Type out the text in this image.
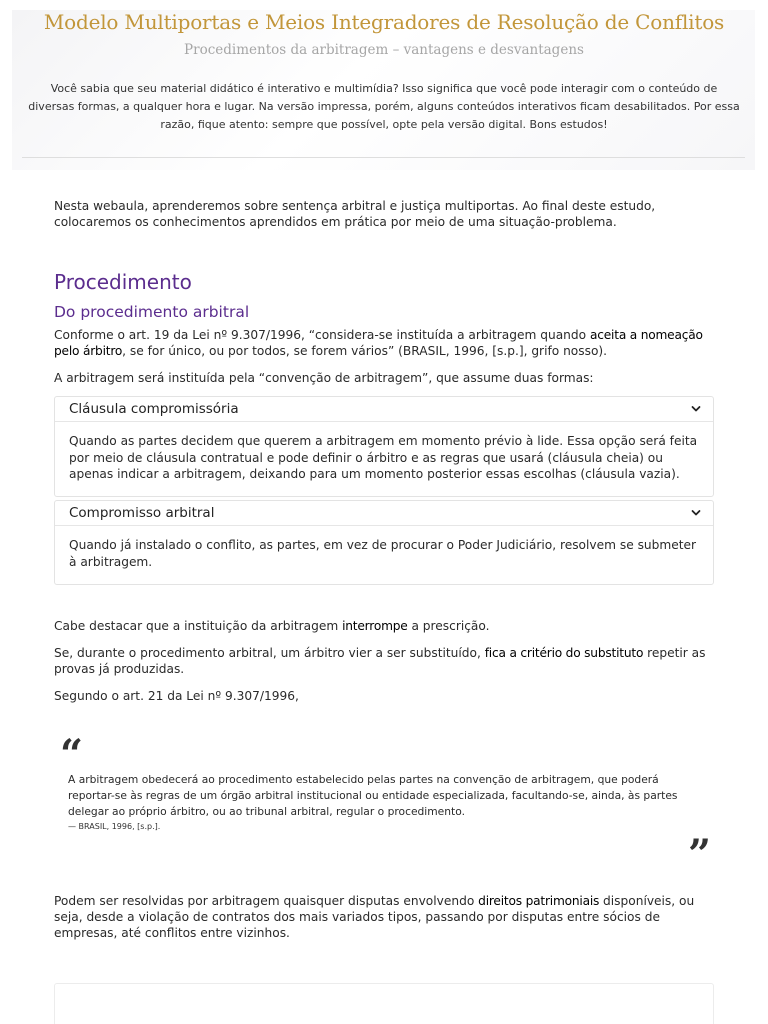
Modelo Multiportas e Meios Integradores de Resolução de Conflitos
Procedimentos da arbitragem – vantagens e desvantagens
Você sabia que seu material didático é interativo e multimídia? Isso significa que você pode interagir com o conteúdo de diversas formas, a qualquer hora e lugar. Na versão impressa, porém, alguns conteúdos interativos ficam desabilitados. Por essa razão, fique atento: sempre que possível, opte pela versão digital. Bons estudos!
Nesta webaula, aprenderemos sobre sentença arbitral e justiça multiportas. Ao final deste estudo, colocaremos os conhecimentos aprendidos em prática por meio de uma situação-problema.
Procedimento
Do procedimento arbitral
Conforme o art. 19 da Lei nº 9.307/1996, “considera-se instituída a arbitragem quando aceita a nomeação pelo árbitro, se for único, ou por todos, se forem vários” (BRASIL, 1996, [s.p.], grifo nosso).
A arbitragem será instituída pela “convenção de arbitragem”, que assume duas formas:
Cláusula compromissória
Quando as partes decidem que querem a arbitragem em momento prévio à lide. Essa opção será feita por meio de cláusula contratual e pode definir o árbitro e as regras que usará (cláusula cheia) ou apenas indicar a arbitragem, deixando para um momento posterior essas escolhas (cláusula vazia).
Compromisso arbitral
Quando já instalado o conflito, as partes, em vez de procurar o Poder Judiciário, resolvem se submeter à arbitragem.
Cabe destacar que a instituição da arbitragem interrompe a prescrição.
Se, durante o procedimento arbitral, um árbitro vier a ser substituído, fica a critério do substituto repetir as provas já produzidas.
Segundo o art. 21 da Lei nº 9.307/1996,
“
A arbitragem obedecerá ao procedimento estabelecido pelas partes na convenção de arbitragem, que poderá reportar-se às regras de um órgão arbitral institucional ou entidade especializada, facultando-se, ainda, às partes delegar ao próprio árbitro, ou ao tribunal arbitral, regular o procedimento.
— BRASIL, 1996, [s.p.].
”
Podem ser resolvidas por arbitragem quaisquer disputas envolvendo direitos patrimoniais disponíveis, ou seja, desde a violação de contratos dos mais variados tipos, passando por disputas entre sócios de empresas, até conflitos entre vizinhos.
